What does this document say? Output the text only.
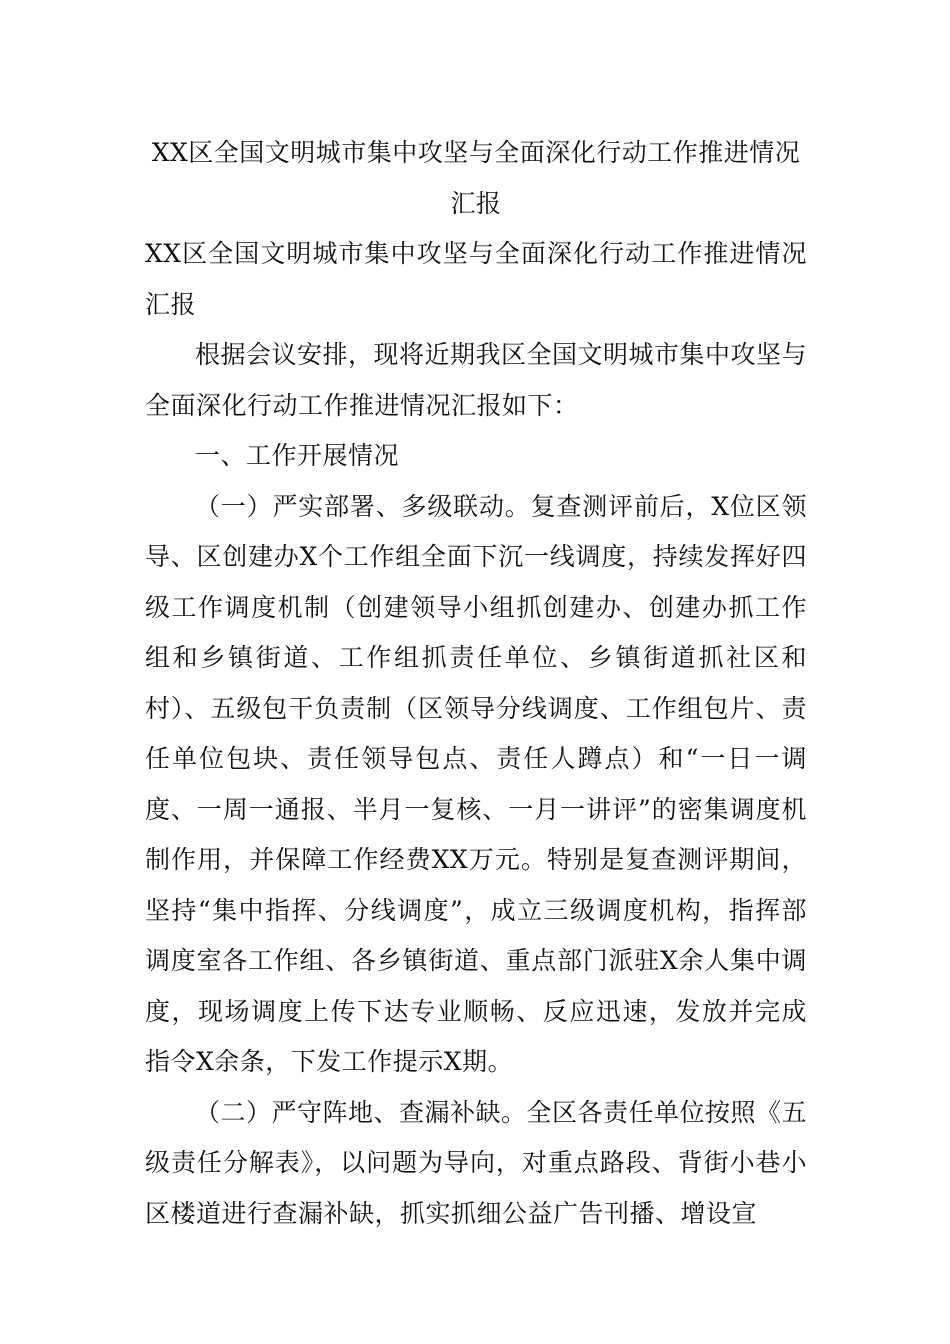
XX区全国文明城市集中攻坚与全面深化行动工作推进情况汇报

XX区全国文明城市集中攻坚与全面深化行动工作推进情况汇报

根据会议安排，现将近期我区全国文明城市集中攻坚与全面深化行动工作推进情况汇报如下：

一、工作开展情况

（一）严实部署、多级联动。复查测评前后，X位区领导、区创建办X个工作组全面下沉一线调度，持续发挥好四级工作调度机制（创建领导小组抓创建办、创建办抓工作组和乡镇街道、工作组抓责任单位、乡镇街道抓社区和村）、五级包干负责制（区领导分线调度、工作组包片、责任单位包块、责任领导包点、责任人蹲点）和“一日一调度、一周一通报、半月一复核、一月一讲评”的密集调度机制作用，并保障工作经费XX万元。特别是复查测评期间，坚持“集中指挥、分线调度”，成立三级调度机构，指挥部调度室各工作组、各乡镇街道、重点部门派驻X余人集中调度，现场调度上传下达专业顺畅、反应迅速，发放并完成指令X余条，下发工作提示X期。

（二）严守阵地、查漏补缺。全区各责任单位按照《五级责任分解表》，以问题为导向，对重点路段、背街小巷小区楼道进行查漏补缺，抓实抓细公益广告刊播、增设宣
